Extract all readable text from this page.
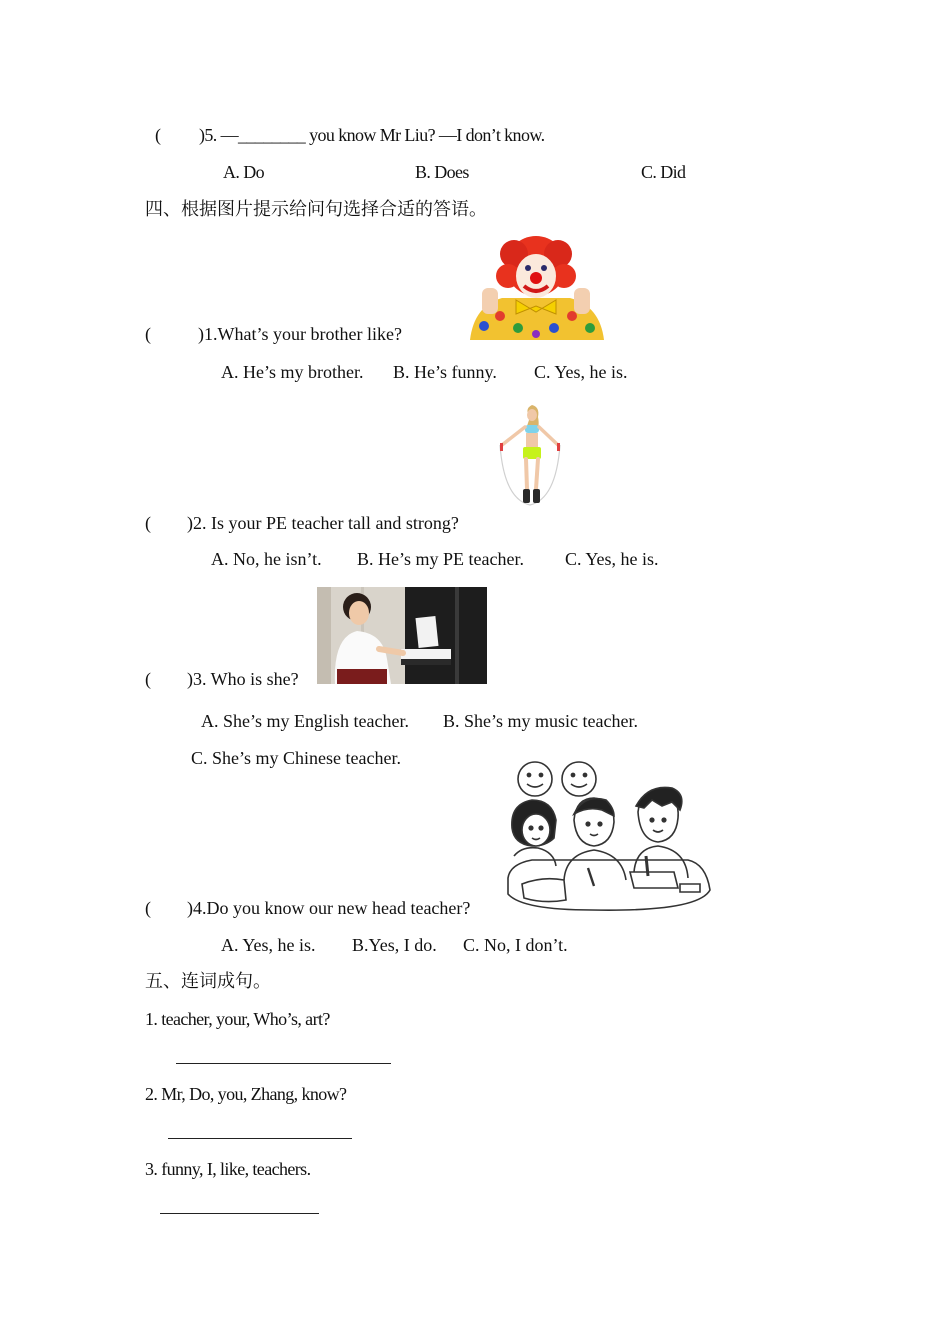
( )5. —________ you know Mr Liu? —I don’t know.
A. Do	B. Does	C. Did
四、根据图片提示给问句选择合适的答语。
(	)1.What’s your brother like?
A. He’s my brother. B. He’s funny. C. Yes, he is.
( )2. Is your PE teacher tall and strong?
A. No, he isn’t. B. He’s my PE teacher. C. Yes, he is.
( )3. Who is she?
A. She’s my English teacher. B. She’s my music teacher.
C. She’s my Chinese teacher.
( )4.Do you know our new head teacher?
A. Yes, he is. B.Yes, I do. C. No, I don’t.
五、连词成句。
1. teacher, your, Who’s, art?
2. Mr, Do, you, Zhang, know?
3. funny, I, like, teachers.
